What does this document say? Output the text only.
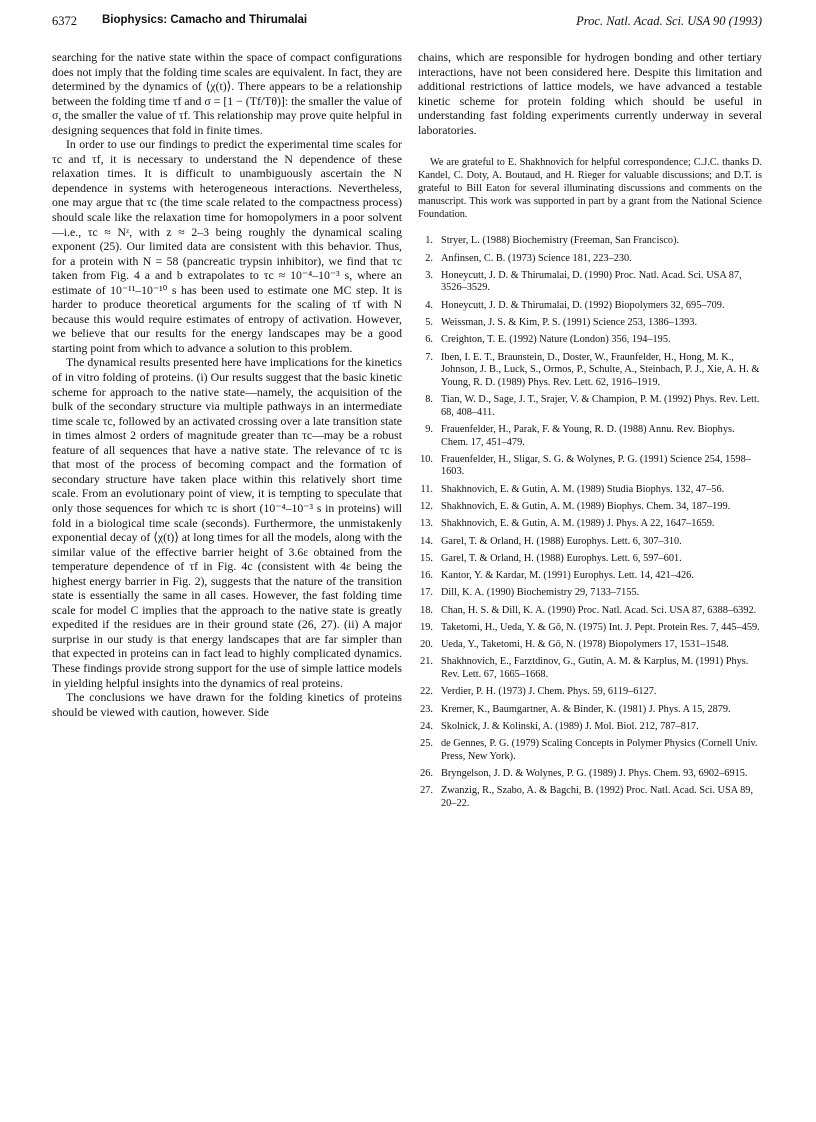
6372 Biophysics: Camacho and Thirumalai	Proc. Natl. Acad. Sci. USA 90 (1993)

searching for the native state within the space of compact configurations does not imply that the folding time scales are equivalent. In fact, they are determined by the dynamics of ⟨χ(t)⟩. There appears to be a relationship between the folding time τf and σ = [1 − (Tf/Tθ)]: the smaller the value of σ, the smaller the value of τf. This relationship may prove quite helpful in designing sequences that fold in finite times.

In order to use our findings to predict the experimental time scales for τc and τf, it is necessary to understand the N dependence of these relaxation times. It is difficult to unambiguously ascertain the N dependence in systems with heterogeneous interactions. Nevertheless, one may argue that τc (the time scale related to the compactness process) should scale like the relaxation time for homopolymers in a poor solvent—i.e., τc ≈ Nᶻ, with z ≈ 2–3 being roughly the dynamical scaling exponent (25). Our limited data are consistent with this behavior. Thus, for a protein with N = 58 (pancreatic trypsin inhibitor), we find that τc taken from Fig. 4 a and b extrapolates to τc ≈ 10⁻⁴–10⁻³ s, where an estimate of 10⁻¹¹–10⁻¹⁰ s has been used to estimate one MC step. It is harder to produce theoretical arguments for the scaling of τf with N because this would require estimates of entropy of activation. However, we believe that our results for the energy landscapes may be a good starting point from which to advance a solution to this problem.

The dynamical results presented here have implications for the kinetics of in vitro folding of proteins. (i) Our results suggest that the basic kinetic scheme for approach to the native state—namely, the acquisition of the bulk of the secondary structure via multiple pathways in an intermediate time scale τc, followed by an activated crossing over a late transition state in times almost 2 orders of magnitude greater than τc—may be a robust feature of all sequences that have a native state. The relevance of τc is that most of the process of becoming compact and the formation of secondary structure have taken place within this relatively short time scale. From an evolutionary point of view, it is tempting to speculate that only those sequences for which τc is short (10⁻⁴–10⁻³ s in proteins) will fold in a biological time scale (seconds). Furthermore, the unmistakenly exponential decay of ⟨χ(t)⟩ at long times for all the models, along with the similar value of the effective barrier height of 3.6ε obtained from the temperature dependence of τf in Fig. 4c (consistent with 4ε being the highest energy barrier in Fig. 2), suggests that the nature of the transition state is essentially the same in all cases. However, the fast folding time scale for model C implies that the approach to the native state is greatly expedited if the residues are in their ground state (26, 27). (ii) A major surprise in our study is that energy landscapes that are far simpler than that expected in proteins can in fact lead to highly complicated dynamics. These findings provide strong support for the use of simple lattice models in yielding helpful insights into the dynamics of real proteins.

The conclusions we have drawn for the folding kinetics of proteins should be viewed with caution, however. Side

chains, which are responsible for hydrogen bonding and other tertiary interactions, have not been considered here. Despite this limitation and additional restrictions of lattice models, we have advanced a testable kinetic scheme for protein folding which should be useful in understanding fast folding experiments currently underway in several laboratories.

We are grateful to E. Shakhnovich for helpful correspondence; C.J.C. thanks D. Kandel, C. Doty, A. Boutaud, and H. Rieger for valuable discussions; and D.T. is grateful to Bill Eaton for several illuminating discussions and comments on the manuscript. This work was supported in part by a grant from the National Science Foundation.

1. Stryer, L. (1988) Biochemistry (Freeman, San Francisco).
2. Anfinsen, C. B. (1973) Science 181, 223–230.
3. Honeycutt, J. D. & Thirumalai, D. (1990) Proc. Natl. Acad. Sci. USA 87, 3526–3529.
4. Honeycutt, J. D. & Thirumalai, D. (1992) Biopolymers 32, 695–709.
5. Weissman, J. S. & Kim, P. S. (1991) Science 253, 1386–1393.
6. Creighton, T. E. (1992) Nature (London) 356, 194–195.
7. Iben, I. E. T., Braunstein, D., Doster, W., Fraunfelder, H., Hong, M. K., Johnson, J. B., Luck, S., Ormos, P., Schulte, A., Steinbach, P. J., Xie, A. H. & Young, R. D. (1989) Phys. Rev. Lett. 62, 1916–1919.
8. Tian, W. D., Sage, J. T., Srajer, V. & Champion, P. M. (1992) Phys. Rev. Lett. 68, 408–411.
9. Frauenfelder, H., Parak, F. & Young, R. D. (1988) Annu. Rev. Biophys. Chem. 17, 451–479.
10. Frauenfelder, H., Sligar, S. G. & Wolynes, P. G. (1991) Science 254, 1598–1603.
11. Shakhnovich, E. & Gutin, A. M. (1989) Studia Biophys. 132, 47–56.
12. Shakhnovich, E. & Gutin, A. M. (1989) Biophys. Chem. 34, 187–199.
13. Shakhnovich, E. & Gutin, A. M. (1989) J. Phys. A 22, 1647–1659.
14. Garel, T. & Orland, H. (1988) Europhys. Lett. 6, 307–310.
15. Garel, T. & Orland, H. (1988) Europhys. Lett. 6, 597–601.
16. Kantor, Y. & Kardar, M. (1991) Europhys. Lett. 14, 421–426.
17. Dill, K. A. (1990) Biochemistry 29, 7133–7155.
18. Chan, H. S. & Dill, K. A. (1990) Proc. Natl. Acad. Sci. USA 87, 6388–6392.
19. Taketomi, H., Ueda, Y. & Gō, N. (1975) Int. J. Pept. Protein Res. 7, 445–459.
20. Ueda, Y., Taketomi, H. & Gō, N. (1978) Biopolymers 17, 1531–1548.
21. Shakhnovich, E., Farztdinov, G., Gutin, A. M. & Karplus, M. (1991) Phys. Rev. Lett. 67, 1665–1668.
22. Verdier, P. H. (1973) J. Chem. Phys. 59, 6119–6127.
23. Kremer, K., Baumgartner, A. & Binder, K. (1981) J. Phys. A 15, 2879.
24. Skolnick, J. & Kolinski, A. (1989) J. Mol. Biol. 212, 787–817.
25. de Gennes, P. G. (1979) Scaling Concepts in Polymer Physics (Cornell Univ. Press, New York).
26. Bryngelson, J. D. & Wolynes, P. G. (1989) J. Phys. Chem. 93, 6902–6915.
27. Zwanzig, R., Szabo, A. & Bagchi, B. (1992) Proc. Natl. Acad. Sci. USA 89, 20–22.
